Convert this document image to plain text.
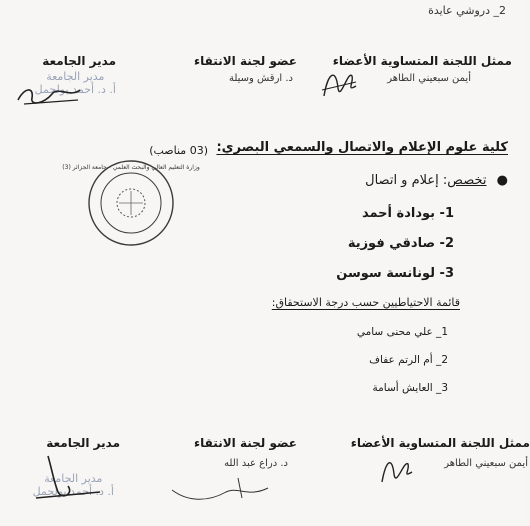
2_ دروشي عايدة
ممثل اللجنة المتساوية الأعضاء
أيمن سبعيني الطاهر
عضو لجنة الانتقاء
د. ارقش وسيلة
مدير الجامعة
مدير الجامعة
أ. د. أحمد بولحمل
كلية علوم الإعلام والاتصال والسمعي البصري:
(03 مناصب)
وزارة التعليم العالي والبحث العلمي - جامعة الجزائر (3)
● تخصص: إعلام و اتصال
1- بودادة أحمد
2- صادقي فوزية
3- لونانسة سوسن
قائمة الاحتياطيين حسب درجة الاستحقاق:
1_ علي محنى سامي
2_ أم الرتم عفاف
3_ العايش أسامة
ممثل اللجنة المتساوية الأعضاء
أيمن سبعيني الطاهر
عضو لجنة الانتقاء
د. دراع عبد الله
مدير الجامعة
مدير الجامعة
أ. د. أحمد بولحمل
